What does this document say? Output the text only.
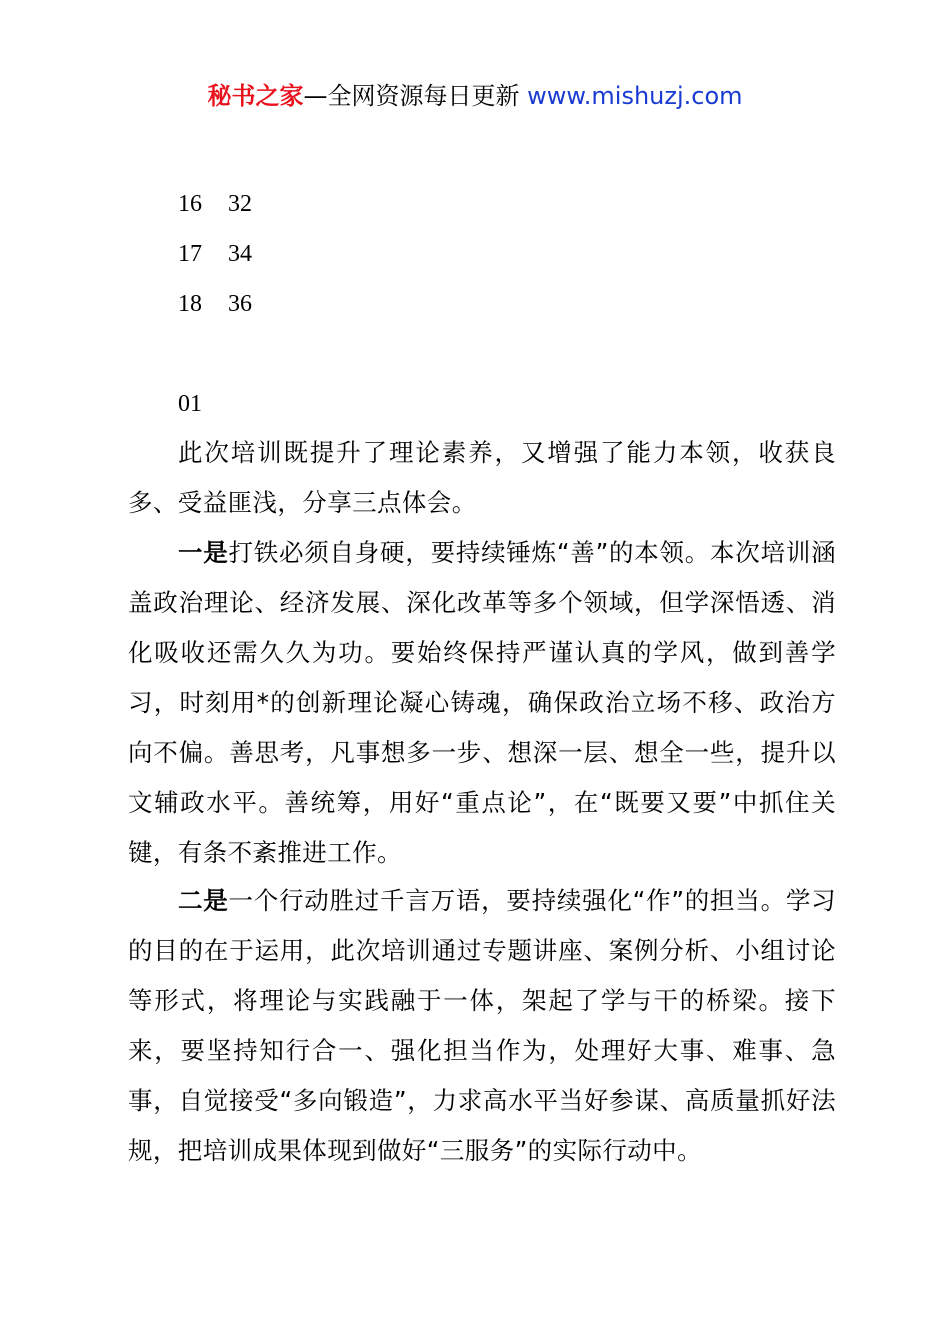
秘书之家—全网资源每日更新 www.mishuzj.com
16 32
17 34
18 36
01

此次培训既提升了理论素养，又增强了能力本领，收获良多、受益匪浅，分享三点体会。

一是打铁必须自身硬，要持续锤炼“善”的本领。本次培训涵盖政治理论、经济发展、深化改革等多个领域，但学深悟透、消化吸收还需久久为功。要始终保持严谨认真的学风，做到善学习，时刻用*的创新理论凝心铸魂，确保政治立场不移、政治方向不偏。善思考，凡事想多一步、想深一层、想全一些，提升以文辅政水平。善统筹，用好“重点论”，在“既要又要”中抓住关键，有条不紊推进工作。

二是一个行动胜过千言万语，要持续强化“作”的担当。学习的目的在于运用，此次培训通过专题讲座、案例分析、小组讨论等形式，将理论与实践融于一体，架起了学与干的桥梁。接下来，要坚持知行合一、强化担当作为，处理好大事、难事、急事，自觉接受“多向锻造”，力求高水平当好参谋、高质量抓好法规，把培训成果体现到做好“三服务”的实际行动中。
